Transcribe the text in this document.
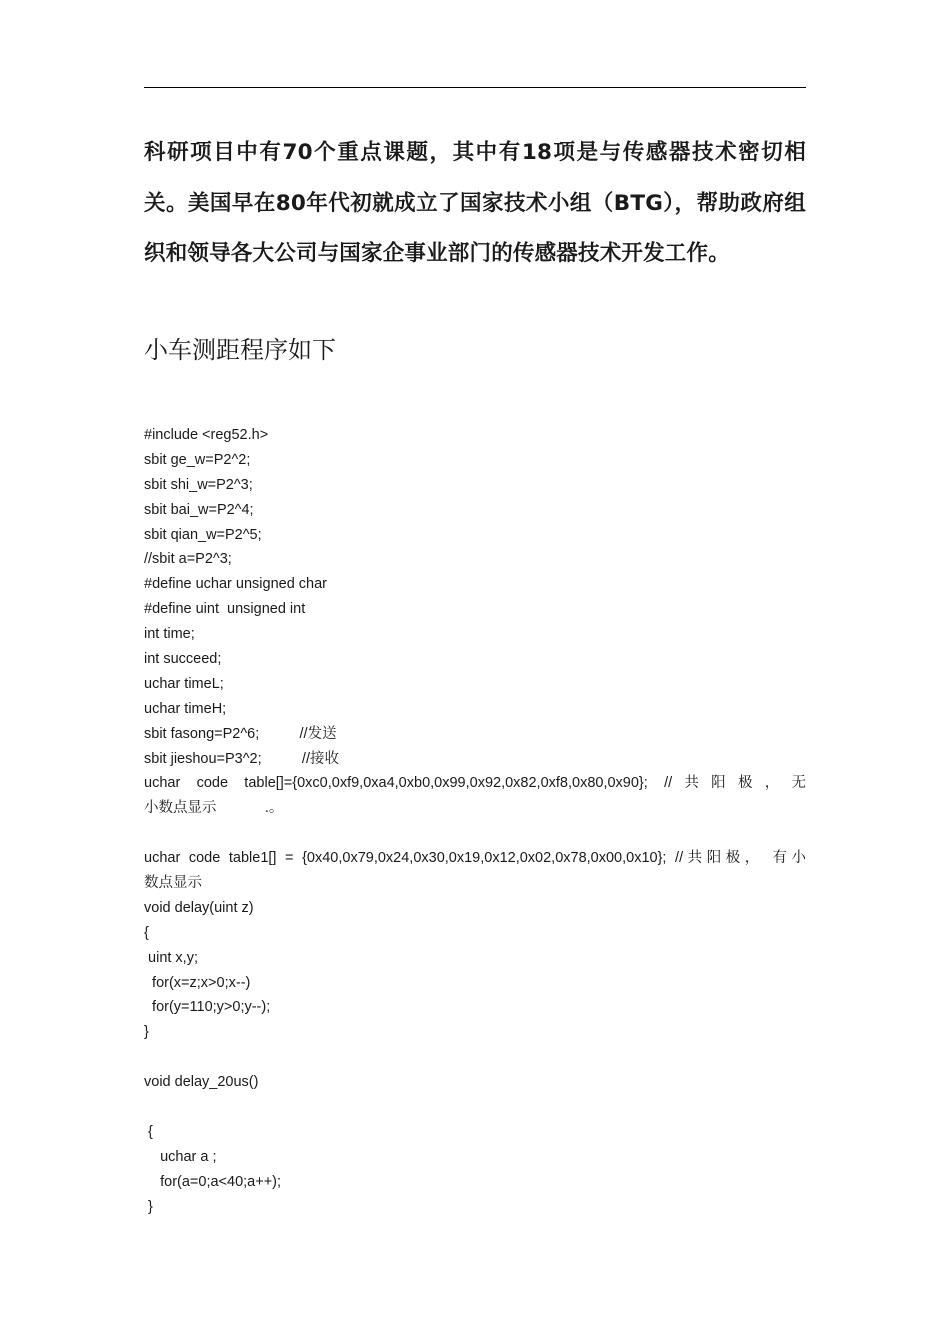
科研项目中有70个重点课题，其中有18项是与传感器技术密切相关。美国早在80年代初就成立了国家技术小组（BTG），帮助政府组织和领导各大公司与国家企事业部门的传感器技术开发工作。
小车测距程序如下
#include <reg52.h>
sbit ge_w=P2^2;
sbit shi_w=P2^3;
sbit bai_w=P2^4;
sbit qian_w=P2^5;
//sbit a=P2^3;
#define uchar unsigned char
#define uint  unsigned int
int time;
int succeed;
uchar timeL;
uchar timeH;
sbit fasong=P2^6;          //发送
sbit jieshou=P3^2;          //接收
uchar code table[]={0xc0,0xf9,0xa4,0xb0,0x99,0x92,0x82,0xf8,0x80,0x90}; //共阳极，无
小数点显示            .。
uchar code table1[] = {0x40,0x79,0x24,0x30,0x19,0x12,0x02,0x78,0x00,0x10}; //共阳极， 有小
数点显示
void delay(uint z)
{
uint x,y;
for(x=z;x>0;x--)
for(y=110;y>0;y--);
}
void delay_20us()
{
uchar a ;
for(a=0;a<40;a++);
}
